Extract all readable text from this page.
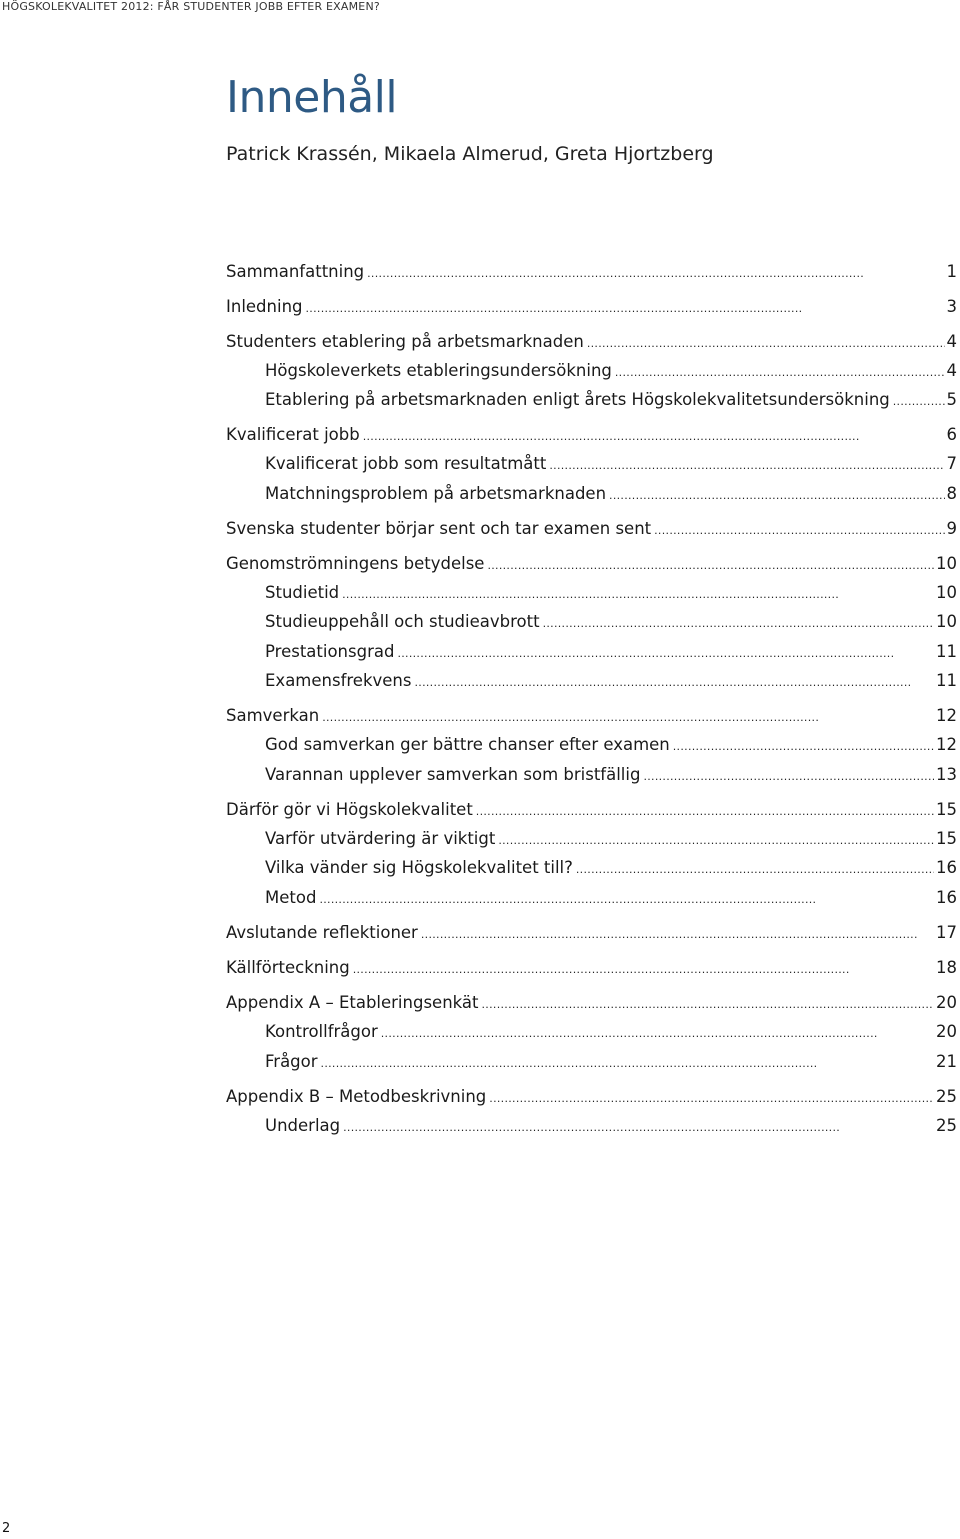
HÖGSKOLEKVALITET 2012: FÅR STUDENTER JOBB EFTER EXAMEN?
Innehåll
Patrick Krassén, Mikaela Almerud, Greta Hjortzberg
Sammanfattning . . .	1
Inledning . . .	3
Studenters etablering på arbetsmarknaden . . .	4
Högskoleverkets etableringsundersökning . . .	4
Etablering på arbetsmarknaden enligt årets Högskolekvalitetsundersökning . . .	5
Kvalificerat jobb . . .	6
Kvalificerat jobb som resultatmått . . .	7
Matchningsproblem på arbetsmarknaden . . .	8
Svenska studenter börjar sent och tar examen sent . . .	9
Genomströmningens betydelse . . .	10
Studietid . . .	10
Studieuppehåll och studieavbrott . . .	10
Prestationsgrad . . .	11
Examensfrekvens . . .	11
Samverkan . . .	12
God samverkan ger bättre chanser efter examen . . .	12
Varannan upplever samverkan som bristfällig . . .	13
Därför gör vi Högskolekvalitet . . .	15
Varför utvärdering är viktigt . . .	15
Vilka vänder sig Högskolekvalitet till? . . .	16
Metod . . .	16
Avslutande reflektioner . . .	17
Källförteckning . . .	18
Appendix A – Etableringsenkät . . .	20
Kontrollfrågor . . .	20
Frågor . . .	21
Appendix B – Metodbeskrivning . . .	25
Underlag . . .	25
2
